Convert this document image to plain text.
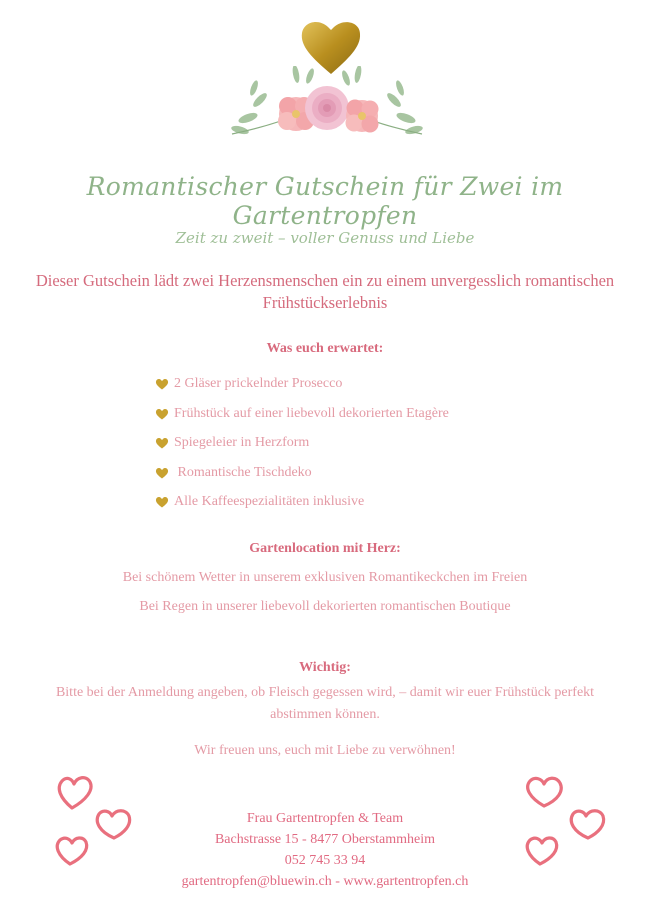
Romantischer Gutschein für Zwei im Gartentropfen
Zeit zu zweit – voller Genuss und Liebe
Dieser Gutschein lädt zwei Herzensmenschen ein zu einem unvergesslich romantischen
Frühstückserlebnis
Was euch erwartet:
2 Gläser prickelnder Prosecco
Frühstück auf einer liebevoll dekorierten Etagère
Spiegeleier in Herzform
Romantische Tischdeko
Alle Kaffeespezialitäten inklusive
Gartenlocation mit Herz:
Bei schönem Wetter in unserem exklusiven Romantikeckchen im Freien
Bei Regen in unserer liebevoll dekorierten romantischen Boutique
Wichtig:
Bitte bei der Anmeldung angeben, ob Fleisch gegessen wird, – damit wir euer Frühstück perfekt
abstimmen können.
Wir freuen uns, euch mit Liebe zu verwöhnen!
Frau Gartentropfen & Team
Bachstrasse 15 - 8477 Oberstammheim
052 745 33 94
gartentropfen@bluewin.ch - www.gartentropfen.ch
